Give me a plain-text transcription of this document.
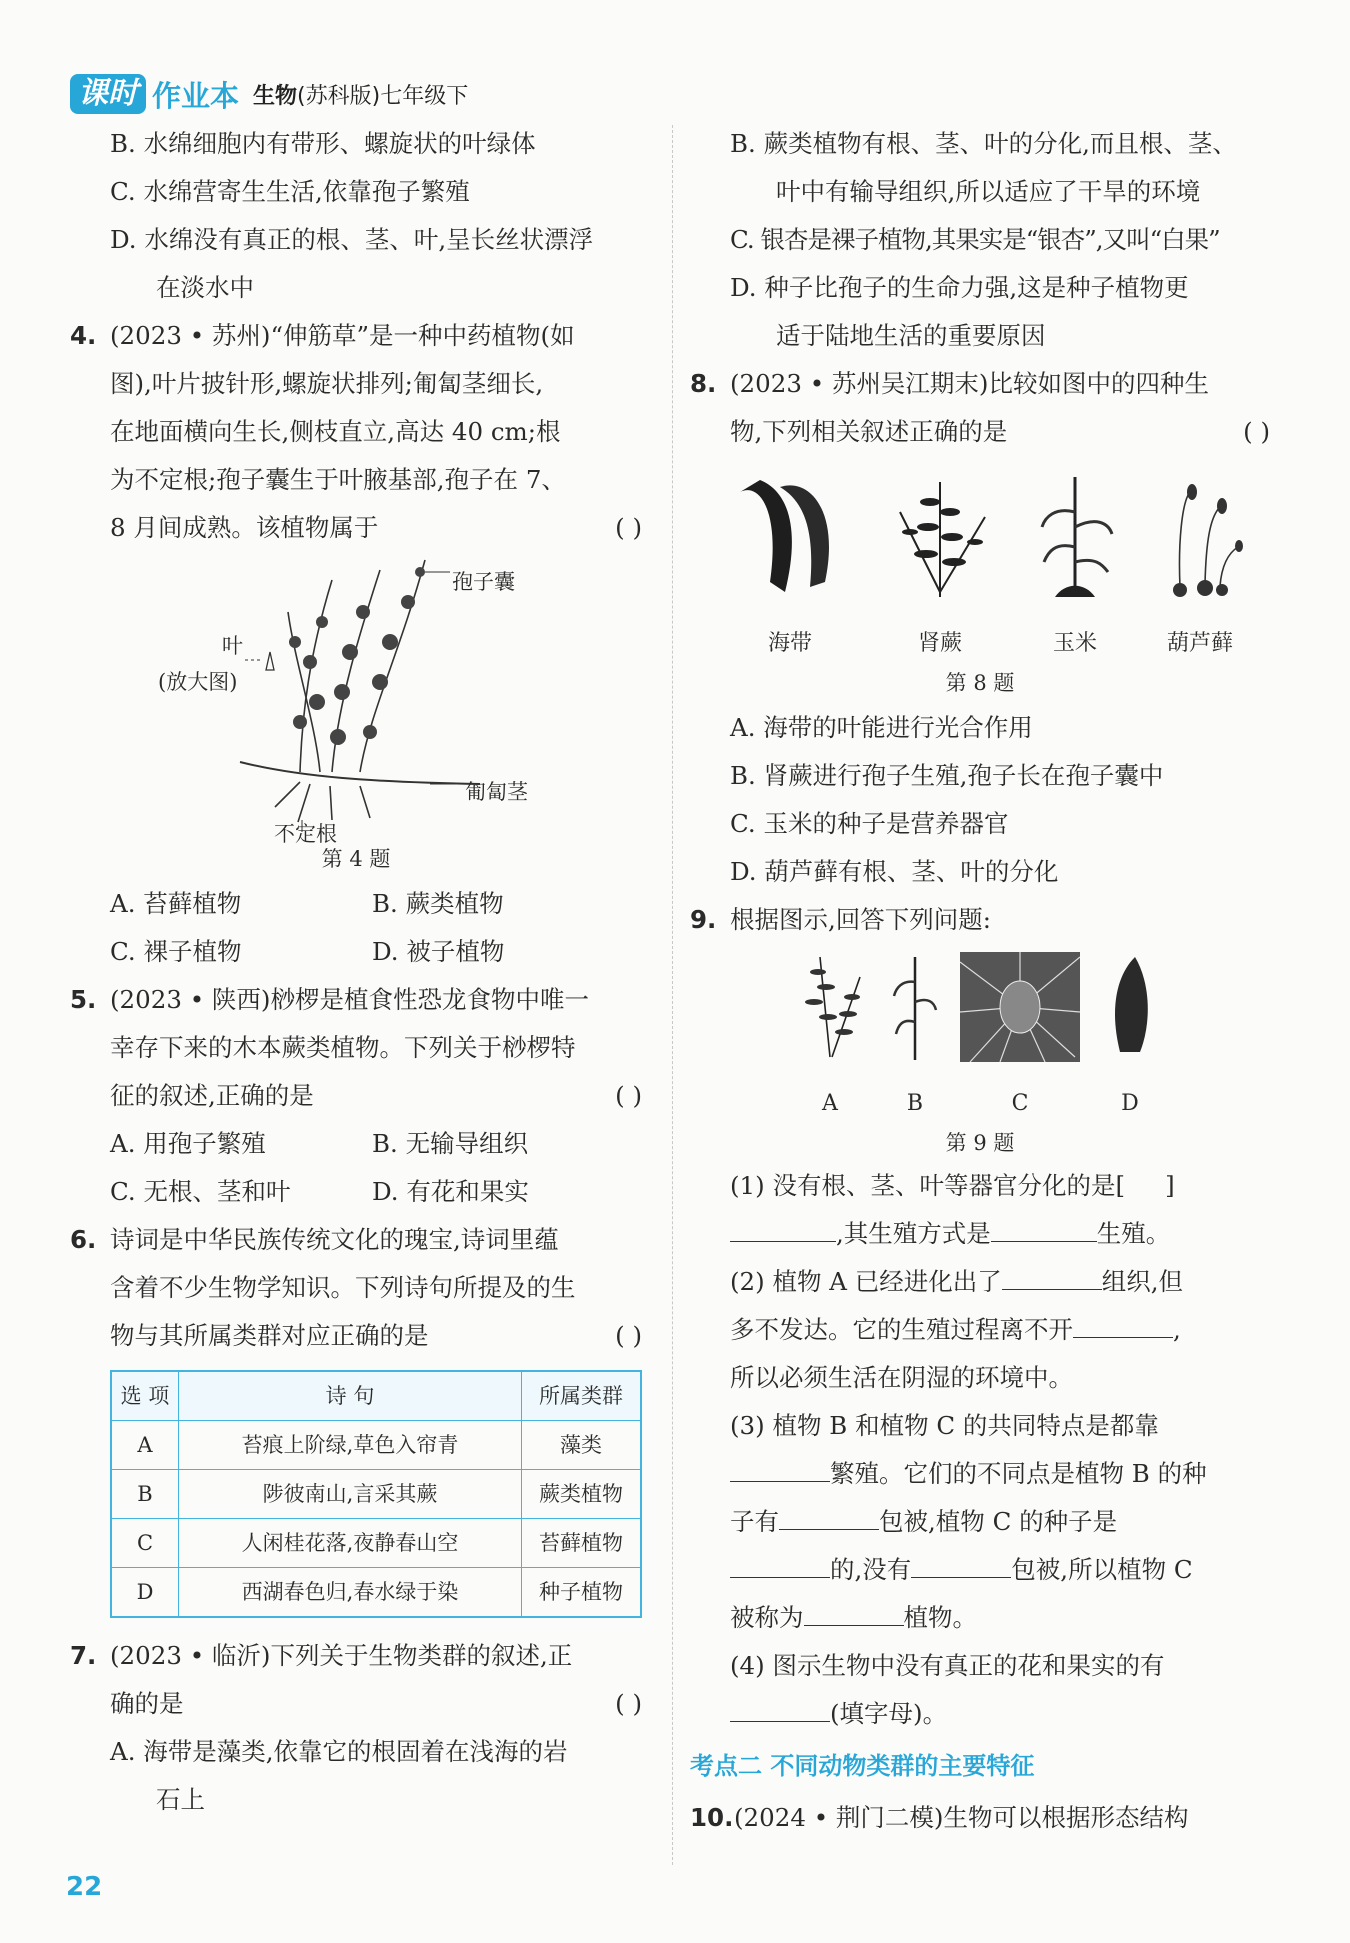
课时 作业本 生物(苏科版)七年级下
B. 水绵细胞内有带形、螺旋状的叶绿体
C. 水绵营寄生生活,依靠孢子繁殖
D. 水绵没有真正的根、茎、叶,呈长丝状漂浮
在淡水中
4. (2023 • 苏州)“伸筋草”是一种中药植物(如
图),叶片披针形,螺旋状排列;匍匐茎细长,
在地面横向生长,侧枝直立,高达 40 cm;根
为不定根;孢子囊生于叶腋基部,孢子在 7、
8 月间成熟。该植物属于	( )
孢子囊
叶
(放大图)
匍匐茎
不定根
第 4 题
A. 苔藓植物	B. 蕨类植物
C. 裸子植物	D. 被子植物
5. (2023 • 陕西)桫椤是植食性恐龙食物中唯一
幸存下来的木本蕨类植物。下列关于桫椤特
征的叙述,正确的是	( )
A. 用孢子繁殖	B. 无输导组织
C. 无根、茎和叶	D. 有花和果实
6. 诗词是中华民族传统文化的瑰宝,诗词里蕴
含着不少生物学知识。下列诗句所提及的生
物与其所属类群对应正确的是	( )
选 项	诗 句	所属类群
A	苔痕上阶绿,草色入帘青	藻类
B	陟彼南山,言采其蕨	蕨类植物
C	人闲桂花落,夜静春山空	苔藓植物
D	西湖春色归,春水绿于染	种子植物
7. (2023 • 临沂)下列关于生物类群的叙述,正
确的是	( )
A. 海带是藻类,依靠它的根固着在浅海的岩
石上
B. 蕨类植物有根、茎、叶的分化,而且根、茎、
叶中有输导组织,所以适应了干旱的环境
C. 银杏是裸子植物,其果实是“银杏”,又叫“白果”
D. 种子比孢子的生命力强,这是种子植物更
适于陆地生活的重要原因
8. (2023 • 苏州吴江期末)比较如图中的四种生
物,下列相关叙述正确的是	( )

海带	肾蕨	玉米	葫芦藓
第 8 题
A. 海带的叶能进行光合作用
B. 肾蕨进行孢子生殖,孢子长在孢子囊中
C. 玉米的种子是营养器官
D. 葫芦藓有根、茎、叶的分化
9. 根据图示,回答下列问题:

A	B	C	D
第 9 题
(1) 没有根、茎、叶等器官分化的是[ ]
,其生殖方式是	生殖。
(2) 植物 A 已经进化出了	组织,但
多不发达。它的生殖过程离不开	,
所以必须生活在阴湿的环境中。
(3) 植物 B 和植物 C 的共同特点是都靠
繁殖。它们的不同点是植物 B 的种
子有	包被,植物 C 的种子是
的,没有	包被,所以植物 C
被称为	植物。
(4) 图示生物中没有真正的花和果实的有
(填字母)。
考点二 不同动物类群的主要特征
10.(2024 • 荆门二模)生物可以根据形态结构
22
